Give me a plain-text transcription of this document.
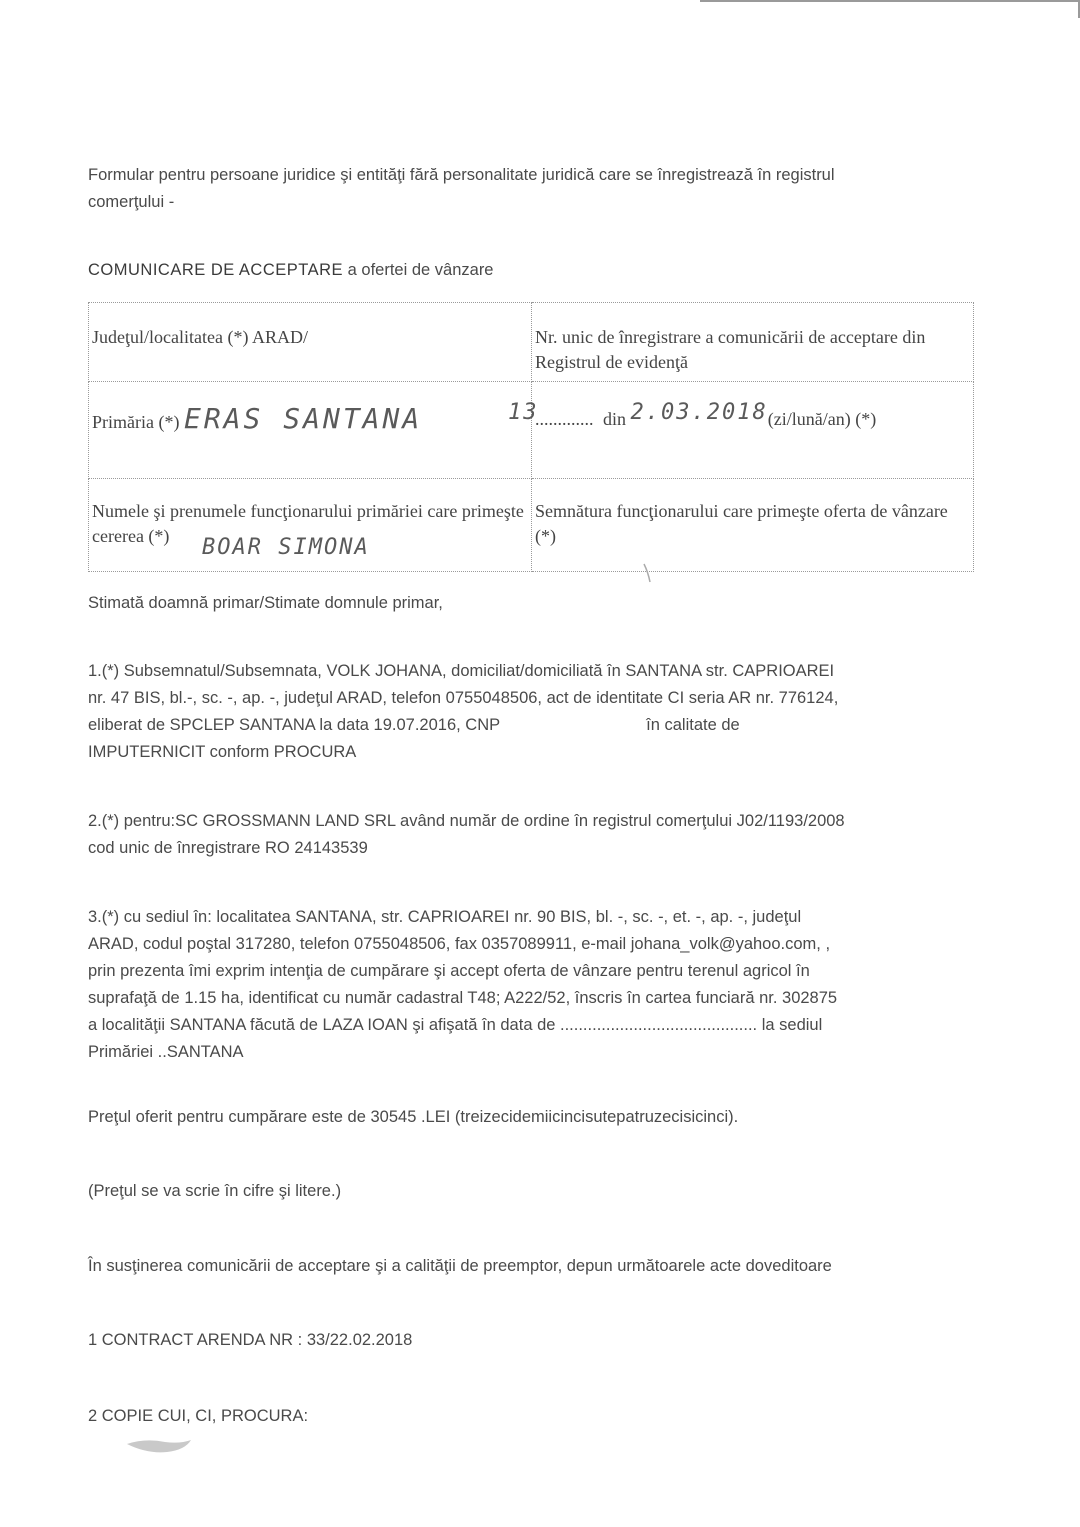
Formular pentru persoane juridice şi entităţi fără personalitate juridică care se înregistrează în registrul
comerţului -

COMUNICARE DE ACCEPTARE a ofertei de vânzare

Judeţul/localitatea (*) ARAD/	Nr. unic de înregistrare a comunicării de acceptare din Registrul de evidenţă
Primăria (*) ERAS SANTANA	............. 13 din 2.03.2018(zi/lună/an) (*)
Numele şi prenumele funcţionarului primăriei care primeşte cererea (*) BOAR SIMONA	Semnătura funcţionarului care primeşte oferta de vânzare (*)

Stimată doamnă primar/Stimate domnule primar,

1.(*) Subsemnatul/Subsemnata, VOLK JOHANA, domiciliat/domiciliată în SANTANA str. CAPRIOAREI
nr. 47 BIS, bl.-, sc. -, ap. -, judeţul ARAD, telefon 0755048506, act de identitate CI seria AR nr. 776124,
eliberat de SPCLEP SANTANA la data 19.07.2016, CNP	în calitate de
IMPUTERNICIT conform PROCURA

2.(*) pentru:SC GROSSMANN LAND SRL având număr de ordine în registrul comerţului J02/1193/2008
cod unic de înregistrare RO 24143539

3.(*) cu sediul în: localitatea SANTANA, str. CAPRIOAREI nr. 90 BIS, bl. -, sc. -, et. -, ap. -, judeţul
ARAD, codul poştal 317280, telefon 0755048506, fax 0357089911, e-mail johana_volk@yahoo.com, ,
prin prezenta îmi exprim intenţia de cumpărare şi accept oferta de vânzare pentru terenul agricol în
suprafaţă de 1.15 ha, identificat cu număr cadastral T48; A222/52, înscris în cartea funciară nr. 302875
a localităţii SANTANA făcută de LAZA IOAN şi afişată în data de ........................................... la sediul
Primăriei ..SANTANA

Preţul oferit pentru cumpărare este de 30545 .LEI (treizecidemiicincisutepatruzecisicinci).

(Preţul se va scrie în cifre şi litere.)

În susţinerea comunicării de acceptare şi a calităţii de preemptor, depun următoarele acte doveditoare

1 CONTRACT ARENDA NR : 33/22.02.2018

2 COPIE CUI, CI, PROCURA:
